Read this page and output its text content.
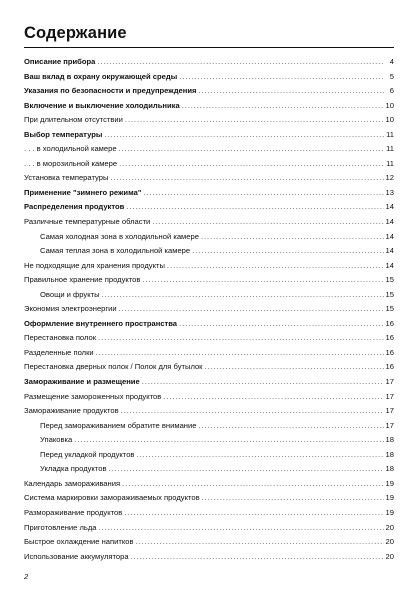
Содержание
Описание прибора . . .	4
Ваш вклад в охрану окружающей среды . . .	5
Указания по безопасности и предупреждения . . .	6
Включение и выключение холодильника . . .	10
При длительном отсутствии . . .	10
Выбор температуры . . .	11
. . . в холодильной камере . . .	11
. . . в морозильной камере . . .	11
Установка температуры . . .	12
Применение "зимнего режима" . . .	13
Распределения продуктов . . .	14
Различные температурные области . . .	14
Самая холодная зона в холодильной камере . . .	14
Самая теплая зона в холодильной камере . . .	14
Не подходящие для хранения продукты . . .	14
Правильное хранение продуктов . . .	15
Овощи и фрукты . . .	15
Экономия электроэнергии . . .	15
Оформление внутреннего пространства . . .	16
Перестановка полок . . .	16
Разделенные полки . . .	16
Перестановка дверных полок / Полок для бутылок . . .	16
Замораживание и размещение . . .	17
Размещение замороженных продуктов . . .	17
Замораживание продуктов . . .	17
Перед замораживанием обратите внимание . . .	17
Упаковка . . .	18
Перед укладкой продуктов . . .	18
Укладка продуктов . . .	18
Календарь замораживания . . .	19
Система маркировки замораживаемых продуктов . . .	19
Размораживание продуктов . . .	19
Приготовление льда . . .	20
Быстрое охлаждение напитков . . .	20
Использование аккумулятора . . .	20
2
